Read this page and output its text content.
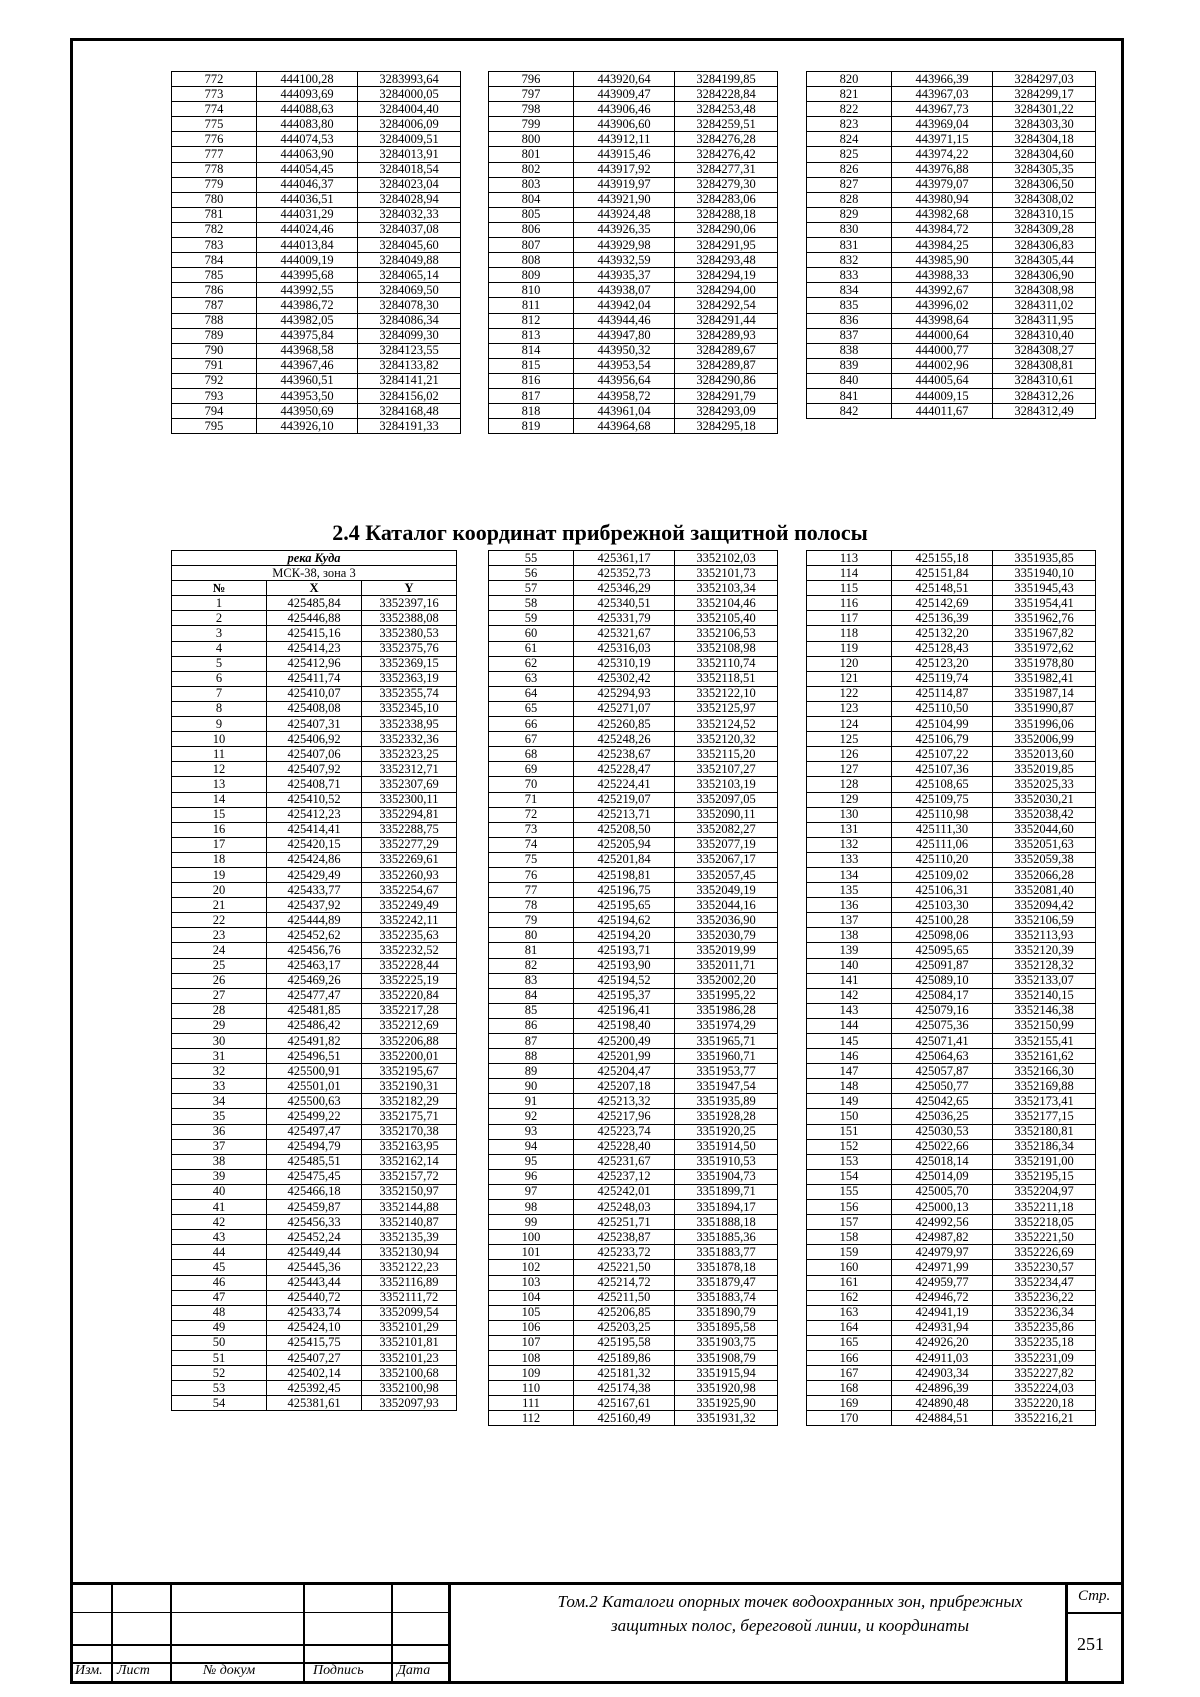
772	444100,28	3283993,64
773	444093,69	3284000,05
774	444088,63	3284004,40
775	444083,80	3284006,09
776	444074,53	3284009,51
777	444063,90	3284013,91
778	444054,45	3284018,54
779	444046,37	3284023,04
780	444036,51	3284028,94
781	444031,29	3284032,33
782	444024,46	3284037,08
783	444013,84	3284045,60
784	444009,19	3284049,88
785	443995,68	3284065,14
786	443992,55	3284069,50
787	443986,72	3284078,30
788	443982,05	3284086,34
789	443975,84	3284099,30
790	443968,58	3284123,55
791	443967,46	3284133,82
792	443960,51	3284141,21
793	443953,50	3284156,02
794	443950,69	3284168,48
795	443926,10	3284191,33
796	443920,64	3284199,85
797	443909,47	3284228,84
798	443906,46	3284253,48
799	443906,60	3284259,51
800	443912,11	3284276,28
801	443915,46	3284276,42
802	443917,92	3284277,31
803	443919,97	3284279,30
804	443921,90	3284283,06
805	443924,48	3284288,18
806	443926,35	3284290,06
807	443929,98	3284291,95
808	443932,59	3284293,48
809	443935,37	3284294,19
810	443938,07	3284294,00
811	443942,04	3284292,54
812	443944,46	3284291,44
813	443947,80	3284289,93
814	443950,32	3284289,67
815	443953,54	3284289,87
816	443956,64	3284290,86
817	443958,72	3284291,79
818	443961,04	3284293,09
819	443964,68	3284295,18
820	443966,39	3284297,03
821	443967,03	3284299,17
822	443967,73	3284301,22
823	443969,04	3284303,30
824	443971,15	3284304,18
825	443974,22	3284304,60
826	443976,88	3284305,35
827	443979,07	3284306,50
828	443980,94	3284308,02
829	443982,68	3284310,15
830	443984,72	3284309,28
831	443984,25	3284306,83
832	443985,90	3284305,44
833	443988,33	3284306,90
834	443992,67	3284308,98
835	443996,02	3284311,02
836	443998,64	3284311,95
837	444000,64	3284310,40
838	444000,77	3284308,27
839	444002,96	3284308,81
840	444005,64	3284310,61
841	444009,15	3284312,26
842	444011,67	3284312,49
2.4 Каталог координат прибрежной защитной полосы
река Куда		
МСК-38, зона 3		
№	X	Y
1	425485,84	3352397,16
2	425446,88	3352388,08
3	425415,16	3352380,53
4	425414,23	3352375,76
5	425412,96	3352369,15
6	425411,74	3352363,19
7	425410,07	3352355,74
8	425408,08	3352345,10
9	425407,31	3352338,95
10	425406,92	3352332,36
11	425407,06	3352323,25
12	425407,92	3352312,71
13	425408,71	3352307,69
14	425410,52	3352300,11
15	425412,23	3352294,81
16	425414,41	3352288,75
17	425420,15	3352277,29
18	425424,86	3352269,61
19	425429,49	3352260,93
20	425433,77	3352254,67
21	425437,92	3352249,49
22	425444,89	3352242,11
23	425452,62	3352235,63
24	425456,76	3352232,52
25	425463,17	3352228,44
26	425469,26	3352225,19
27	425477,47	3352220,84
28	425481,85	3352217,28
29	425486,42	3352212,69
30	425491,82	3352206,88
31	425496,51	3352200,01
32	425500,91	3352195,67
33	425501,01	3352190,31
34	425500,63	3352182,29
35	425499,22	3352175,71
36	425497,47	3352170,38
37	425494,79	3352163,95
38	425485,51	3352162,14
39	425475,45	3352157,72
40	425466,18	3352150,97
41	425459,87	3352144,88
42	425456,33	3352140,87
43	425452,24	3352135,39
44	425449,44	3352130,94
45	425445,36	3352122,23
46	425443,44	3352116,89
47	425440,72	3352111,72
48	425433,74	3352099,54
49	425424,10	3352101,29
50	425415,75	3352101,81
51	425407,27	3352101,23
52	425402,14	3352100,68
53	425392,45	3352100,98
54	425381,61	3352097,93
55	425361,17	3352102,03
56	425352,73	3352101,73
57	425346,29	3352103,34
58	425340,51	3352104,46
59	425331,79	3352105,40
60	425321,67	3352106,53
61	425316,03	3352108,98
62	425310,19	3352110,74
63	425302,42	3352118,51
64	425294,93	3352122,10
65	425271,07	3352125,97
66	425260,85	3352124,52
67	425248,26	3352120,32
68	425238,67	3352115,20
69	425228,47	3352107,27
70	425224,41	3352103,19
71	425219,07	3352097,05
72	425213,71	3352090,11
73	425208,50	3352082,27
74	425205,94	3352077,19
75	425201,84	3352067,17
76	425198,81	3352057,45
77	425196,75	3352049,19
78	425195,65	3352044,16
79	425194,62	3352036,90
80	425194,20	3352030,79
81	425193,71	3352019,99
82	425193,90	3352011,71
83	425194,52	3352002,20
84	425195,37	3351995,22
85	425196,41	3351986,28
86	425198,40	3351974,29
87	425200,49	3351965,71
88	425201,99	3351960,71
89	425204,47	3351953,77
90	425207,18	3351947,54
91	425213,32	3351935,89
92	425217,96	3351928,28
93	425223,74	3351920,25
94	425228,40	3351914,50
95	425231,67	3351910,53
96	425237,12	3351904,73
97	425242,01	3351899,71
98	425248,03	3351894,17
99	425251,71	3351888,18
100	425238,87	3351885,36
101	425233,72	3351883,77
102	425221,50	3351878,18
103	425214,72	3351879,47
104	425211,50	3351883,74
105	425206,85	3351890,79
106	425203,25	3351895,58
107	425195,58	3351903,75
108	425189,86	3351908,79
109	425181,32	3351915,94
110	425174,38	3351920,98
111	425167,61	3351925,90
112	425160,49	3351931,32
113	425155,18	3351935,85
114	425151,84	3351940,10
115	425148,51	3351945,43
116	425142,69	3351954,41
117	425136,39	3351962,76
118	425132,20	3351967,82
119	425128,43	3351972,62
120	425123,20	3351978,80
121	425119,74	3351982,41
122	425114,87	3351987,14
123	425110,50	3351990,87
124	425104,99	3351996,06
125	425106,79	3352006,99
126	425107,22	3352013,60
127	425107,36	3352019,85
128	425108,65	3352025,33
129	425109,75	3352030,21
130	425110,98	3352038,42
131	425111,30	3352044,60
132	425111,06	3352051,63
133	425110,20	3352059,38
134	425109,02	3352066,28
135	425106,31	3352081,40
136	425103,30	3352094,42
137	425100,28	3352106,59
138	425098,06	3352113,93
139	425095,65	3352120,39
140	425091,87	3352128,32
141	425089,10	3352133,07
142	425084,17	3352140,15
143	425079,16	3352146,38
144	425075,36	3352150,99
145	425071,41	3352155,41
146	425064,63	3352161,62
147	425057,87	3352166,30
148	425050,77	3352169,88
149	425042,65	3352173,41
150	425036,25	3352177,15
151	425030,53	3352180,81
152	425022,66	3352186,34
153	425018,14	3352191,00
154	425014,09	3352195,15
155	425005,70	3352204,97
156	425000,13	3352211,18
157	424992,56	3352218,05
158	424987,82	3352221,50
159	424979,97	3352226,69
160	424971,99	3352230,57
161	424959,77	3352234,47
162	424946,72	3352236,22
163	424941,19	3352236,34
164	424931,94	3352235,86
165	424926,20	3352235,18
166	424911,03	3352231,09
167	424903,34	3352227,82
168	424896,39	3352224,03
169	424890,48	3352220,18
170	424884,51	3352216,21
Изм. Лист	№ докум	Подпись Дата
Том.2 Каталоги опорных точек водоохранных зон, прибрежных
защитных полос, береговой линии, и координаты
Стр.
251
